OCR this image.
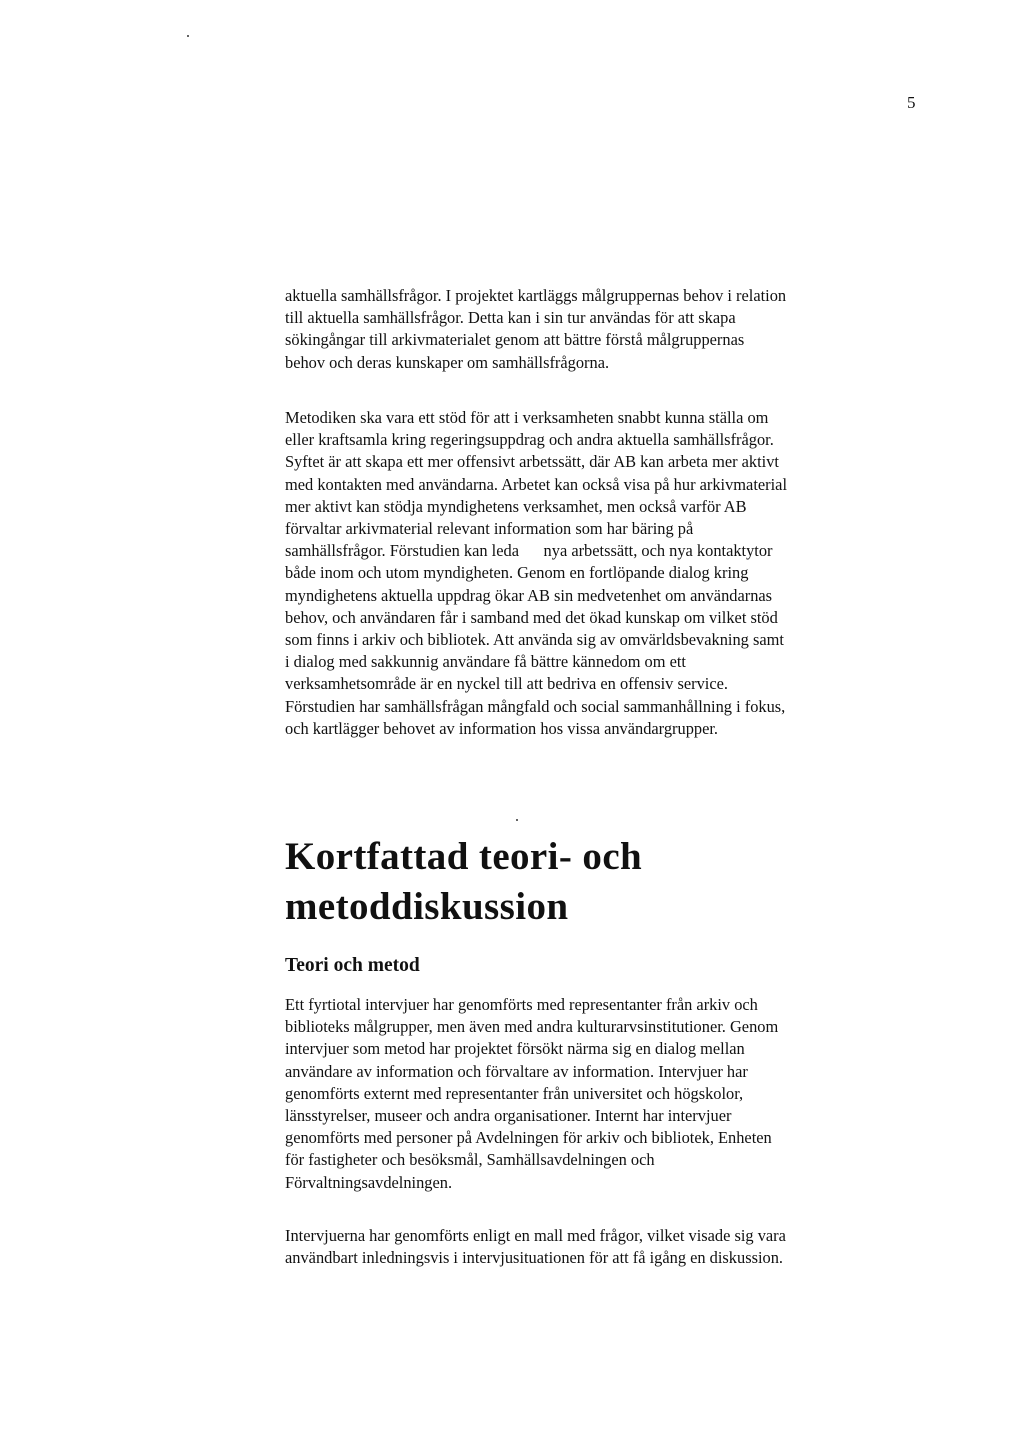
5

aktuella samhällsfrågor. I projektet kartläggs målgruppernas behov i relation
till aktuella samhällsfrågor. Detta kan i sin tur användas för att skapa
sökingångar till arkivmaterialet genom att bättre förstå målgruppernas
behov och deras kunskaper om samhällsfrågorna.

Metodiken ska vara ett stöd för att i verksamheten snabbt kunna ställa om
eller kraftsamla kring regeringsuppdrag och andra aktuella samhällsfrågor.
Syftet är att skapa ett mer offensivt arbetssätt, där AB kan arbeta mer aktivt
med kontakten med användarna. Arbetet kan också visa på hur arkivmaterial
mer aktivt kan stödja myndighetens verksamhet, men också varför AB
förvaltar arkivmaterial relevant information som har bäring på
samhällsfrågor. Förstudien kan leda      nya arbetssätt, och nya kontaktytor
både inom och utom myndigheten. Genom en fortlöpande dialog kring
myndighetens aktuella uppdrag ökar AB sin medvetenhet om användarnas
behov, och användaren får i samband med det ökad kunskap om vilket stöd
som finns i arkiv och bibliotek. Att använda sig av omvärldsbevakning samt
i dialog med sakkunnig användare få bättre kännedom om ett
verksamhetsområde är en nyckel till att bedriva en offensiv service.
Förstudien har samhällsfrågan mångfald och social sammanhållning i fokus,
och kartlägger behovet av information hos vissa användargrupper.

Kortfattad teori- och
metoddiskussion
Teori och metod

Ett fyrtiotal intervjuer har genomförts med representanter från arkiv och
biblioteks målgrupper, men även med andra kulturarvsinstitutioner. Genom
intervjuer som metod har projektet försökt närma sig en dialog mellan
användare av information och förvaltare av information. Intervjuer har
genomförts externt med representanter från universitet och högskolor,
länsstyrelser, museer och andra organisationer. Internt har intervjuer
genomförts med personer på Avdelningen för arkiv och bibliotek, Enheten
för fastigheter och besöksmål, Samhällsavdelningen och
Förvaltningsavdelningen.

Intervjuerna har genomförts enligt en mall med frågor, vilket visade sig vara
användbart inledningsvis i intervjusituationen för att få igång en diskussion.
